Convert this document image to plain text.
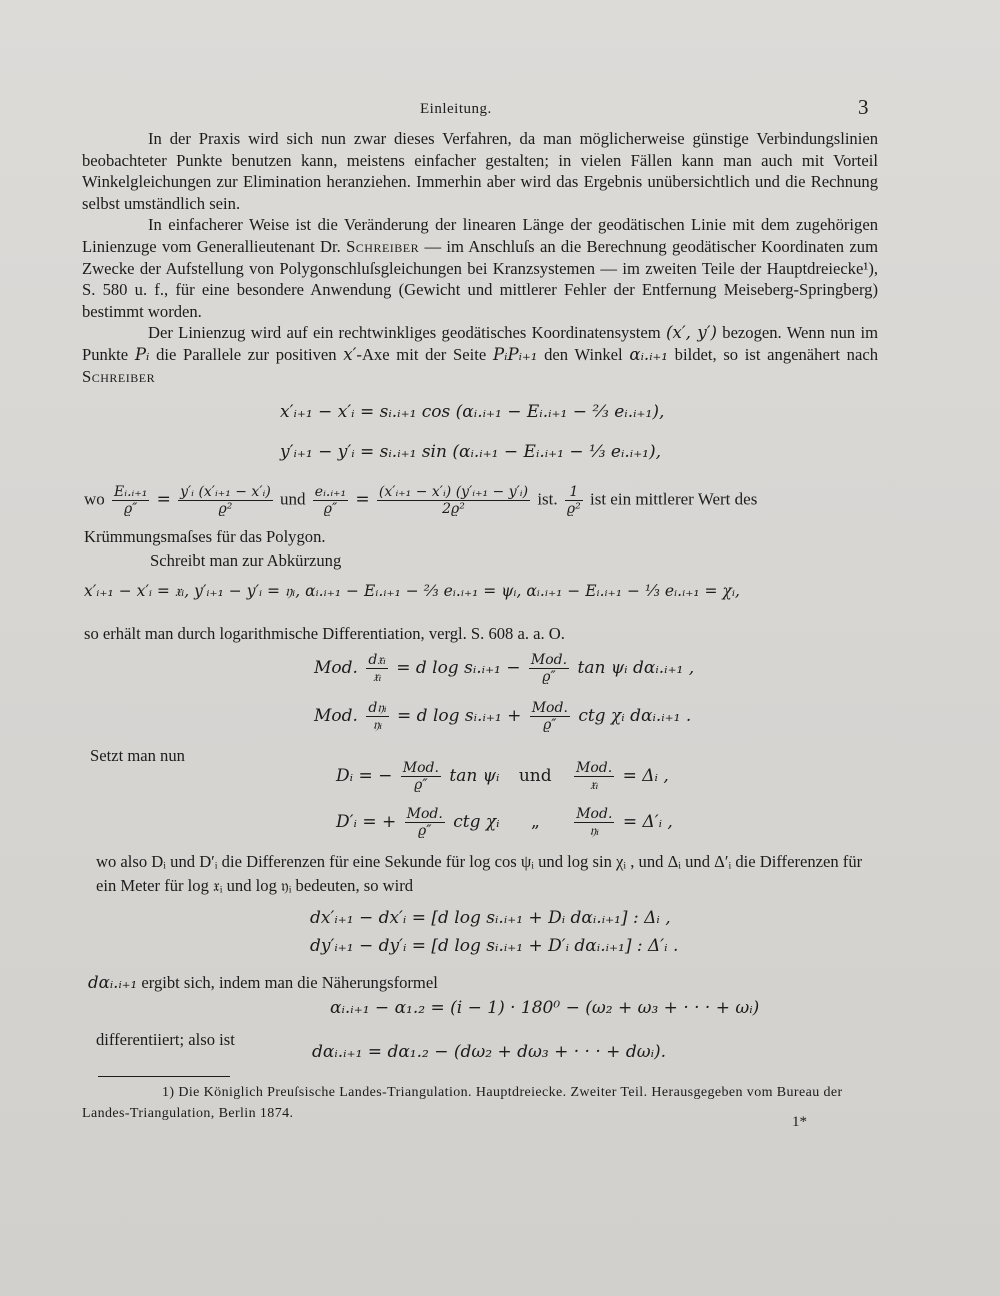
Einleitung.	3

In der Praxis wird sich nun zwar dieses Verfahren, da man möglicherweise günstige Verbindungslinien beobachteter Punkte benutzen kann, meistens einfacher gestalten; in vielen Fällen kann man auch mit Vorteil Winkelgleichungen zur Elimination heranziehen. Immerhin aber wird das Ergebnis unübersichtlich und die Rechnung selbst umständlich sein.

In einfacherer Weise ist die Veränderung der linearen Länge der geodätischen Linie mit dem zugehörigen Linienzuge vom Generallieutenant Dr. Schreiber — im Anschluſs an die Berechnung geodätischer Koordinaten zum Zwecke der Aufstellung von Polygonschluſsgleichungen bei Kranzsystemen — im zweiten Teile der Hauptdreiecke¹), S. 580 u. f., für eine besondere Anwendung (Gewicht und mittlerer Fehler der Entfernung Meiseberg-Springberg) bestimmt worden.

Der Linienzug wird auf ein rechtwinkliges geodätisches Koordinatensystem (x′, y′) bezogen. Wenn nun im Punkte Pᵢ die Parallele zur positiven x′-Axe mit der Seite PᵢPᵢ₊₁ den Winkel αᵢ.ᵢ₊₁ bildet, so ist angenähert nach Schreiber

x′ᵢ₊₁ − x′ᵢ = sᵢ.ᵢ₊₁ cos (αᵢ.ᵢ₊₁ − Eᵢ.ᵢ₊₁ − ⅔ eᵢ.ᵢ₊₁),
y′ᵢ₊₁ − y′ᵢ = sᵢ.ᵢ₊₁ sin (αᵢ.ᵢ₊₁ − Eᵢ.ᵢ₊₁ − ⅓ eᵢ.ᵢ₊₁),
wo $\frac{\text{Eᵢ.ᵢ₊₁}}{ϱ''} = \frac{\text{y′ᵢ (x′ᵢ₊₁ − x′ᵢ)}}{\text{ϱ²}}$ und $\frac{\text{eᵢ.ᵢ₊₁}}{ϱ''} = \frac{\text{(x′ᵢ₊₁ − x′ᵢ) (y′ᵢ₊₁ − y′ᵢ)}}{\text{2ϱ²}}$ ist. $\frac{1}{\text{ϱ²}}$ ist ein mittlerer Wert des
Krümmungsmaſses für das Polygon.
Schreibt man zur Abkürzung
x′ᵢ₊₁ − x′ᵢ = 𝔵ᵢ, y′ᵢ₊₁ − y′ᵢ = 𝔶ᵢ, αᵢ.ᵢ₊₁ − Eᵢ.ᵢ₊₁ − ⅔ eᵢ.ᵢ₊₁ = ψᵢ, αᵢ.ᵢ₊₁ − Eᵢ.ᵢ₊₁ − ⅓ eᵢ.ᵢ₊₁ = χᵢ,
so erhält man durch logarithmische Differentiation, vergl. S. 608 a. a. O.
Mod. $\frac{\text{d𝔵ᵢ}}{\text{𝔵ᵢ}} = d$ log sᵢ.ᵢ₊₁ − $\frac{\text{Mod.}}{ϱ''}$ tan ψᵢ dαᵢ.ᵢ₊₁ ,
Mod. $\frac{\text{d𝔶ᵢ}}{\text{𝔶ᵢ}} = d$ log sᵢ.ᵢ₊₁ + $\frac{\text{Mod.}}{ϱ''}$ ctg χᵢ dαᵢ.ᵢ₊₁ .
Setzt man nun
Dᵢ = − $\frac{\text{Mod.}}{ϱ''}$ tan ψᵢ und $\frac{\text{Mod.}}{\text{𝔵ᵢ}}$ = Δᵢ ,
D′ᵢ = + $\frac{\text{Mod.}}{ϱ''}$ ctg χᵢ „ $\frac{\text{Mod.}}{\text{𝔶ᵢ}}$ = Δ′ᵢ ,
wo also Dᵢ und D′ᵢ die Differenzen für eine Sekunde für log cos ψᵢ und log sin χᵢ , und Δᵢ und Δ′ᵢ die Differenzen für ein Meter für log 𝔵ᵢ und log 𝔶ᵢ bedeuten, so wird
dx′ᵢ₊₁ − dx′ᵢ = [d log sᵢ.ᵢ₊₁ + Dᵢ dαᵢ.ᵢ₊₁] : Δᵢ ,
dy′ᵢ₊₁ − dy′ᵢ = [d log sᵢ.ᵢ₊₁ + D′ᵢ dαᵢ.ᵢ₊₁] : Δ′ᵢ .
dαᵢ.ᵢ₊₁ ergibt sich, indem man die Näherungsformel
αᵢ.ᵢ₊₁ − α₁.₂ = (i − 1) · 180⁰ − (ω₂ + ω₃ + · · · + ωᵢ)
differentiiert; also ist
dαᵢ.ᵢ₊₁ = dα₁.₂ − (dω₂ + dω₃ + · · · + dωᵢ).
1) Die Königlich Preuſsische Landes-Triangulation. Hauptdreiecke. Zweiter Teil. Herausgegeben vom Bureau der Landes-Triangulation, Berlin 1874.
1*
